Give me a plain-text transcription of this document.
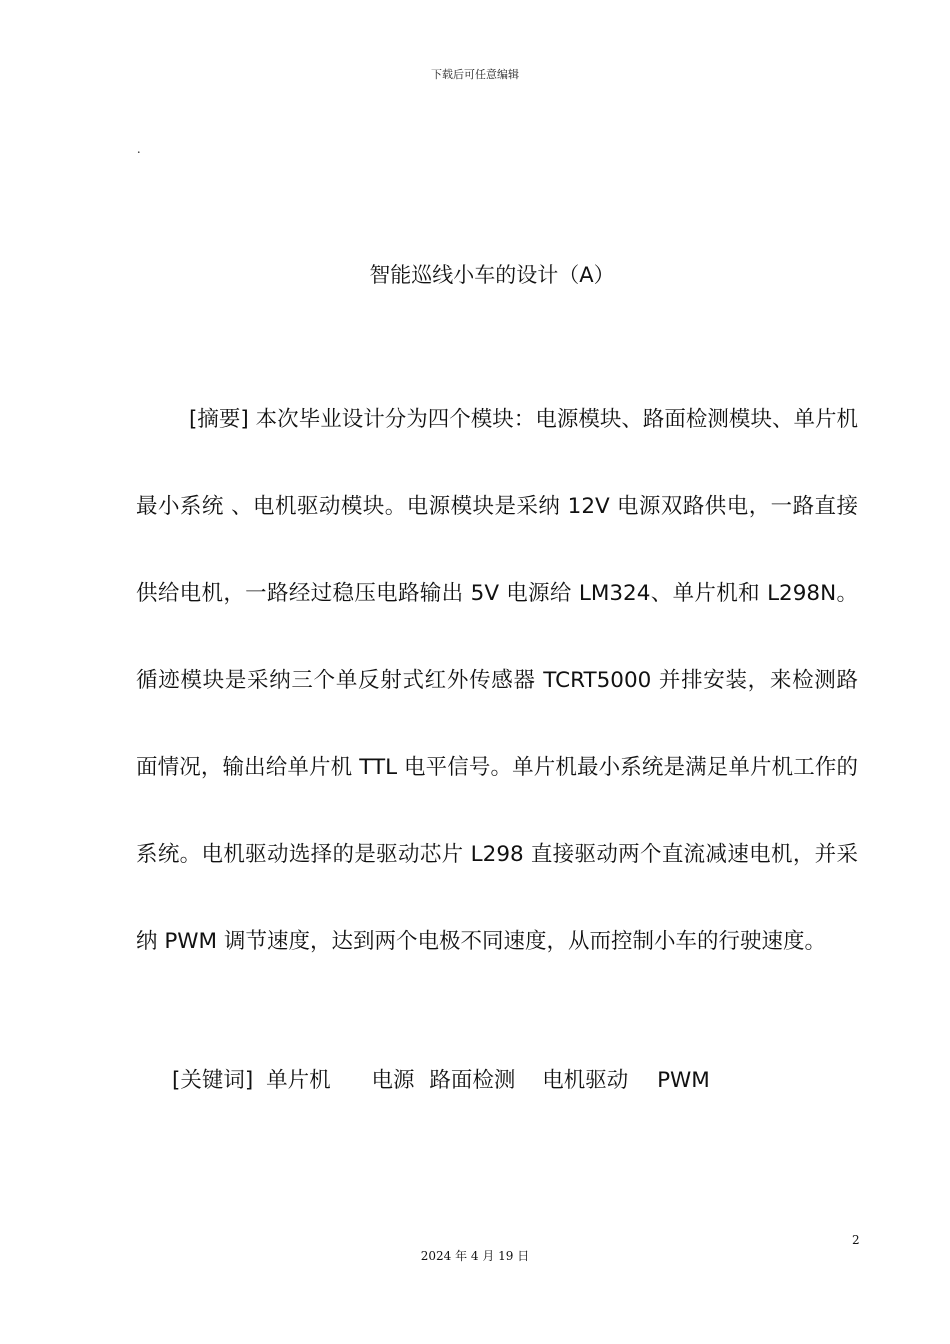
下载后可任意编辑
.
智能巡线小车的设计（A）

[摘要] 本次毕业设计分为四个模块：电源模块、路面检测模块、单片机最小系统 、电机驱动模块。电源模块是采纳 12V 电源双路供电，一路直接供给电机，一路经过稳压电路输出 5V 电源给 LM324、单片机和 L298N。循迹模块是采纳三个单反射式红外传感器 TCRT5000 并排安装，来检测路面情况，输出给单片机 TTL 电平信号。单片机最小系统是满足单片机工作的系统。电机驱动选择的是驱动芯片 L298 直接驱动两个直流减速电机，并采纳 PWM 调节速度，达到两个电极不同速度，从而控制小车的行驶速度。

[关键词] 单片机 电源 路面检测 电机驱动 PWM
2
2024 年 4 月 19 日
